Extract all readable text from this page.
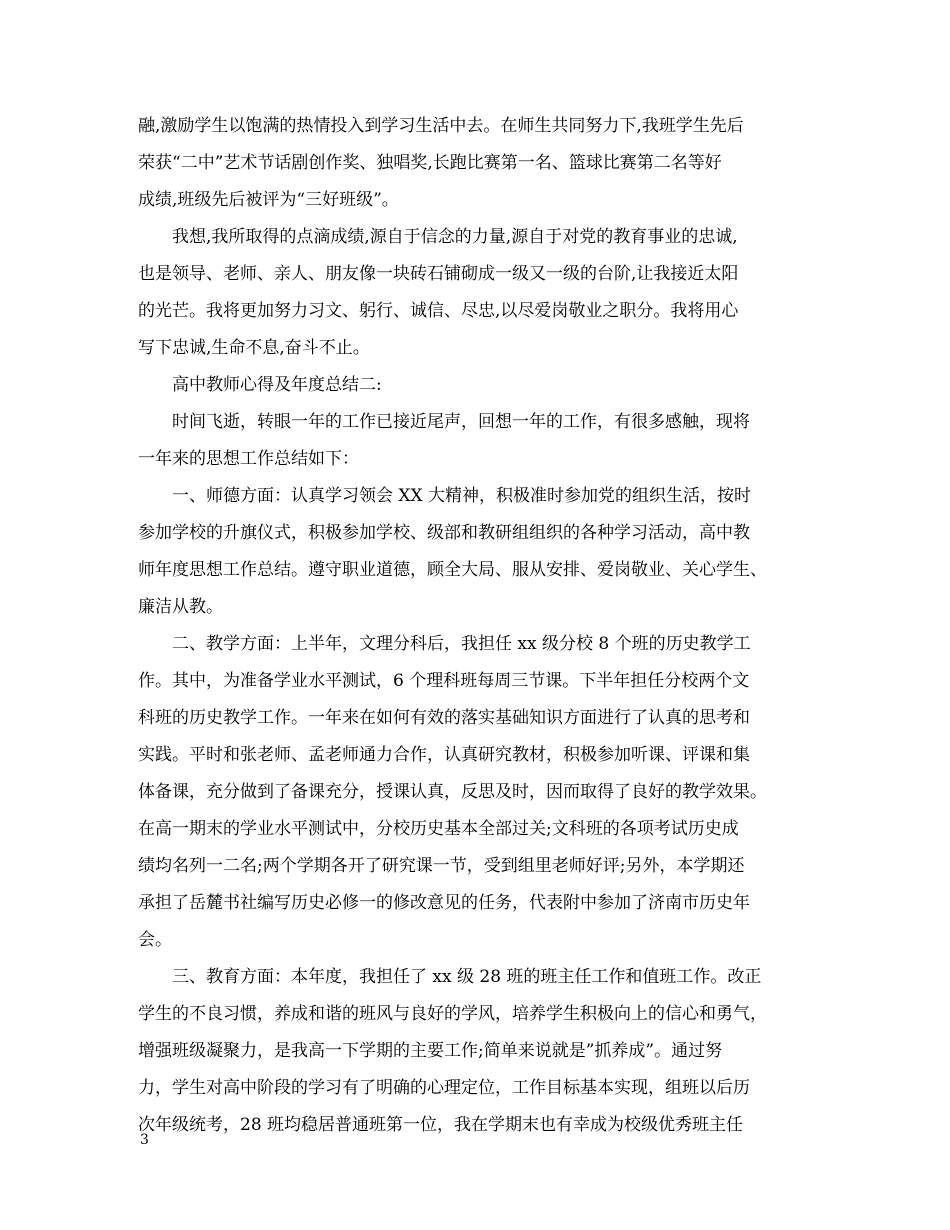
融,激励学生以饱满的热情投入到学习生活中去。在师生共同努力下,我班学生先后
荣获“二中”艺术节话剧创作奖、独唱奖,长跑比赛第一名、篮球比赛第二名等好
成绩,班级先后被评为“三好班级”。

我想,我所取得的点滴成绩,源自于信念的力量,源自于对党的教育事业的忠诚,
也是领导、老师、亲人、朋友像一块砖石铺砌成一级又一级的台阶,让我接近太阳
的光芒。我将更加努力习文、躬行、诚信、尽忠,以尽爱岗敬业之职分。我将用心
写下忠诚,生命不息,奋斗不止。

高中教师心得及年度总结二:

时间飞逝，转眼一年的工作已接近尾声，回想一年的工作，有很多感触，现将
一年来的思想工作总结如下：

一、师德方面：认真学习领会 XX 大精神，积极准时参加党的组织生活，按时
参加学校的升旗仪式，积极参加学校、级部和教研组组织的各种学习活动，高中教
师年度思想工作总结。遵守职业道德，顾全大局、服从安排、爱岗敬业、关心学生、
廉洁从教。

二、教学方面：上半年，文理分科后，我担任 xx 级分校 8 个班的历史教学工
作。其中，为准备学业水平测试，6 个理科班每周三节课。下半年担任分校两个文
科班的历史教学工作。一年来在如何有效的落实基础知识方面进行了认真的思考和
实践。平时和张老师、孟老师通力合作，认真研究教材，积极参加听课、评课和集
体备课，充分做到了备课充分，授课认真，反思及时，因而取得了良好的教学效果。
在高一期末的学业水平测试中，分校历史基本全部过关;文科班的各项考试历史成
绩均名列一二名;两个学期各开了研究课一节，受到组里老师好评;另外，本学期还
承担了岳麓书社编写历史必修一的修改意见的任务，代表附中参加了济南市历史年
会。

三、教育方面：本年度，我担任了 xx 级 28 班的班主任工作和值班工作。改正
学生的不良习惯，养成和谐的班风与良好的学风，培养学生积极向上的信心和勇气，
增强班级凝聚力，是我高一下学期的主要工作;简单来说就是”抓养成”。通过努
力，学生对高中阶段的学习有了明确的心理定位，工作目标基本实现，组班以后历
次年级统考，28 班均稳居普通班第一位，我在学期末也有幸成为校级优秀班主任

3
